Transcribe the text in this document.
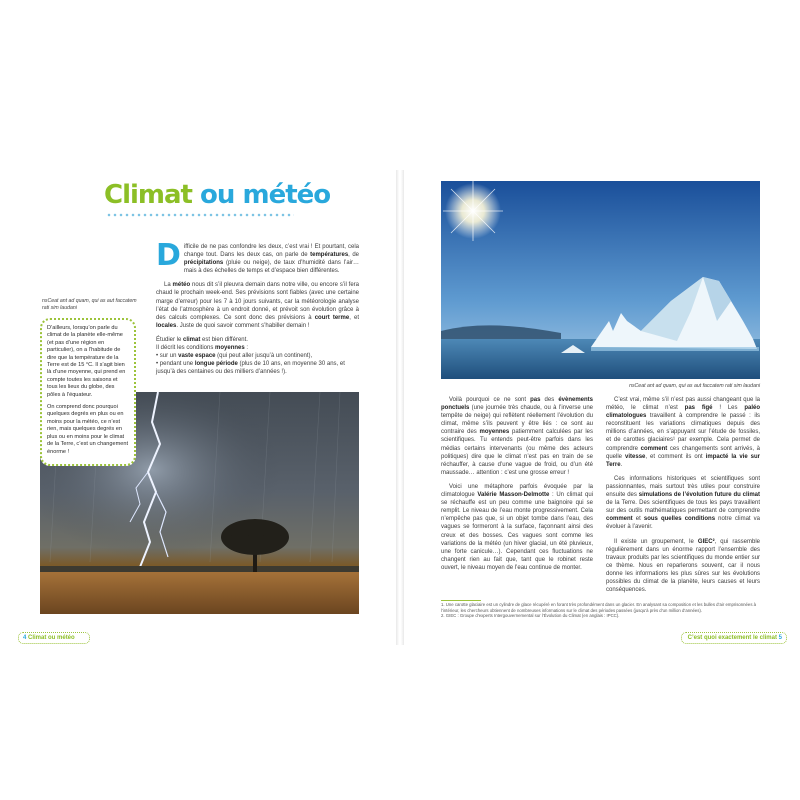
Climat ou météo

Difficile de ne pas confondre les deux, c’est vrai ! Et pourtant, cela change tout. Dans les deux cas, on parle de températures, de précipitations (pluie ou neige), de taux d’humidité dans l’air… mais à des échelles de temps et d’espace bien différentes.

La météo nous dit s’il pleuvra demain dans notre ville, ou encore s’il fera chaud le prochain week-end. Ses prévisions sont fiables (avec une certaine marge d’erreur) pour les 7 à 10 jours suivants, car la météorologie analyse l’état de l’atmosphère à un endroit donné, et prévoit son évolution grâce à des calculs complexes. Ce sont donc des prévisions à court terme, et locales. Juste de quoi savoir comment s’habiller demain !

Étudier le climat est bien différent.
Il décrit les conditions moyennes :
• sur un vaste espace (qui peut aller jusqu’à un continent),
• pendant une longue période (plus de 10 ans, en moyenne 30 ans, et jusqu’à des centaines ou des milliers d’années !).

nsCeat ant ad quam, qui as aut faccatem rati sim laudani

D’ailleurs, lorsqu’on parle du climat de la planète elle-même (et pas d’une région en particulier), on a l’habitude de dire que la température de la Terre est de 15 °C. Il s’agit bien là d’une moyenne, qui prend en compte toutes les saisons et tous les lieux du globe, des pôles à l’équateur.

On comprend donc pourquoi quelques degrés en plus ou en moins pour la météo, ce n’est rien, mais quelques degrés en plus ou en moins pour le climat de la Terre, c’est un changement énorme !

nsCeat ant ad quam, qui as aut faccatem rati sim laudani

Voilà pourquoi ce ne sont pas des évènements ponctuels (une journée très chaude, ou à l’inverse une tempête de neige) qui reflètent réellement l’évolution du climat, même s’ils peuvent y être liés : ce sont au contraire des moyennes patiemment calculées par les scientifiques. Tu entends peut-être parfois dans les médias certains intervenants (ou même des acteurs politiques) dire que le climat n’est pas en train de se réchauffer, à cause d’une vague de froid, ou d’un été maussade… attention : c’est une grosse erreur !

Voici une métaphore parfois évoquée par la climatologue Valérie Masson-Delmotte : Un climat qui se réchauffe est un peu comme une baignoire qui se remplit. Le niveau de l’eau monte progressivement. Cela n’empêche pas que, si un objet tombe dans l’eau, des vagues se formeront à la surface, façonnant ainsi des creux et des bosses. Ces vagues sont comme les variations de la météo (un hiver glacial, un été pluvieux, une forte canicule…). Cependant ces fluctuations ne changent rien au fait que, tant que le robinet reste ouvert, le niveau moyen de l’eau continue de monter.

C’est vrai, même s’il n’est pas aussi changeant que la météo, le climat n’est pas figé ! Les paléo climatologues travaillent à comprendre le passé : ils reconstituent les variations climatiques depuis des millions d’années, en s’appuyant sur l’étude de fossiles, et de carottes glaciaires¹ par exemple. Cela permet de comprendre comment ces changements sont arrivés, à quelle vitesse, et comment ils ont impacté la vie sur Terre.

Ces informations historiques et scientifiques sont passionnantes, mais surtout très utiles pour construire ensuite des simulations de l’évolution future du climat de la Terre. Des scientifiques de tous les pays travaillent sur des outils mathématiques permettant de comprendre comment et sous quelles conditions notre climat va évoluer à l’avenir.

Il existe un groupement, le GIEC², qui rassemble régulièrement dans un énorme rapport l’ensemble des travaux produits par les scientifiques du monde entier sur ce thème. Nous en reparlerons souvent, car il nous donne les informations les plus sûres sur les évolutions possibles du climat de la planète, leurs causes et leurs conséquences.

1. Une carotte glaciaire est un cylindre de glace récupéré en forant très profondément dans un glacier. En analysant sa composition et les bulles d’air emprisonnées à l’intérieur, les chercheurs obtiennent de nombreuses informations sur le climat des périodes passées (jusqu’à près d’un million d’années).

2. GIEC : Groupe d’experts Intergouvernemental sur l’Évolution du Climat (en anglais : IPCC).

4 Climat ou météo	C’est quoi exactement le climat 5
